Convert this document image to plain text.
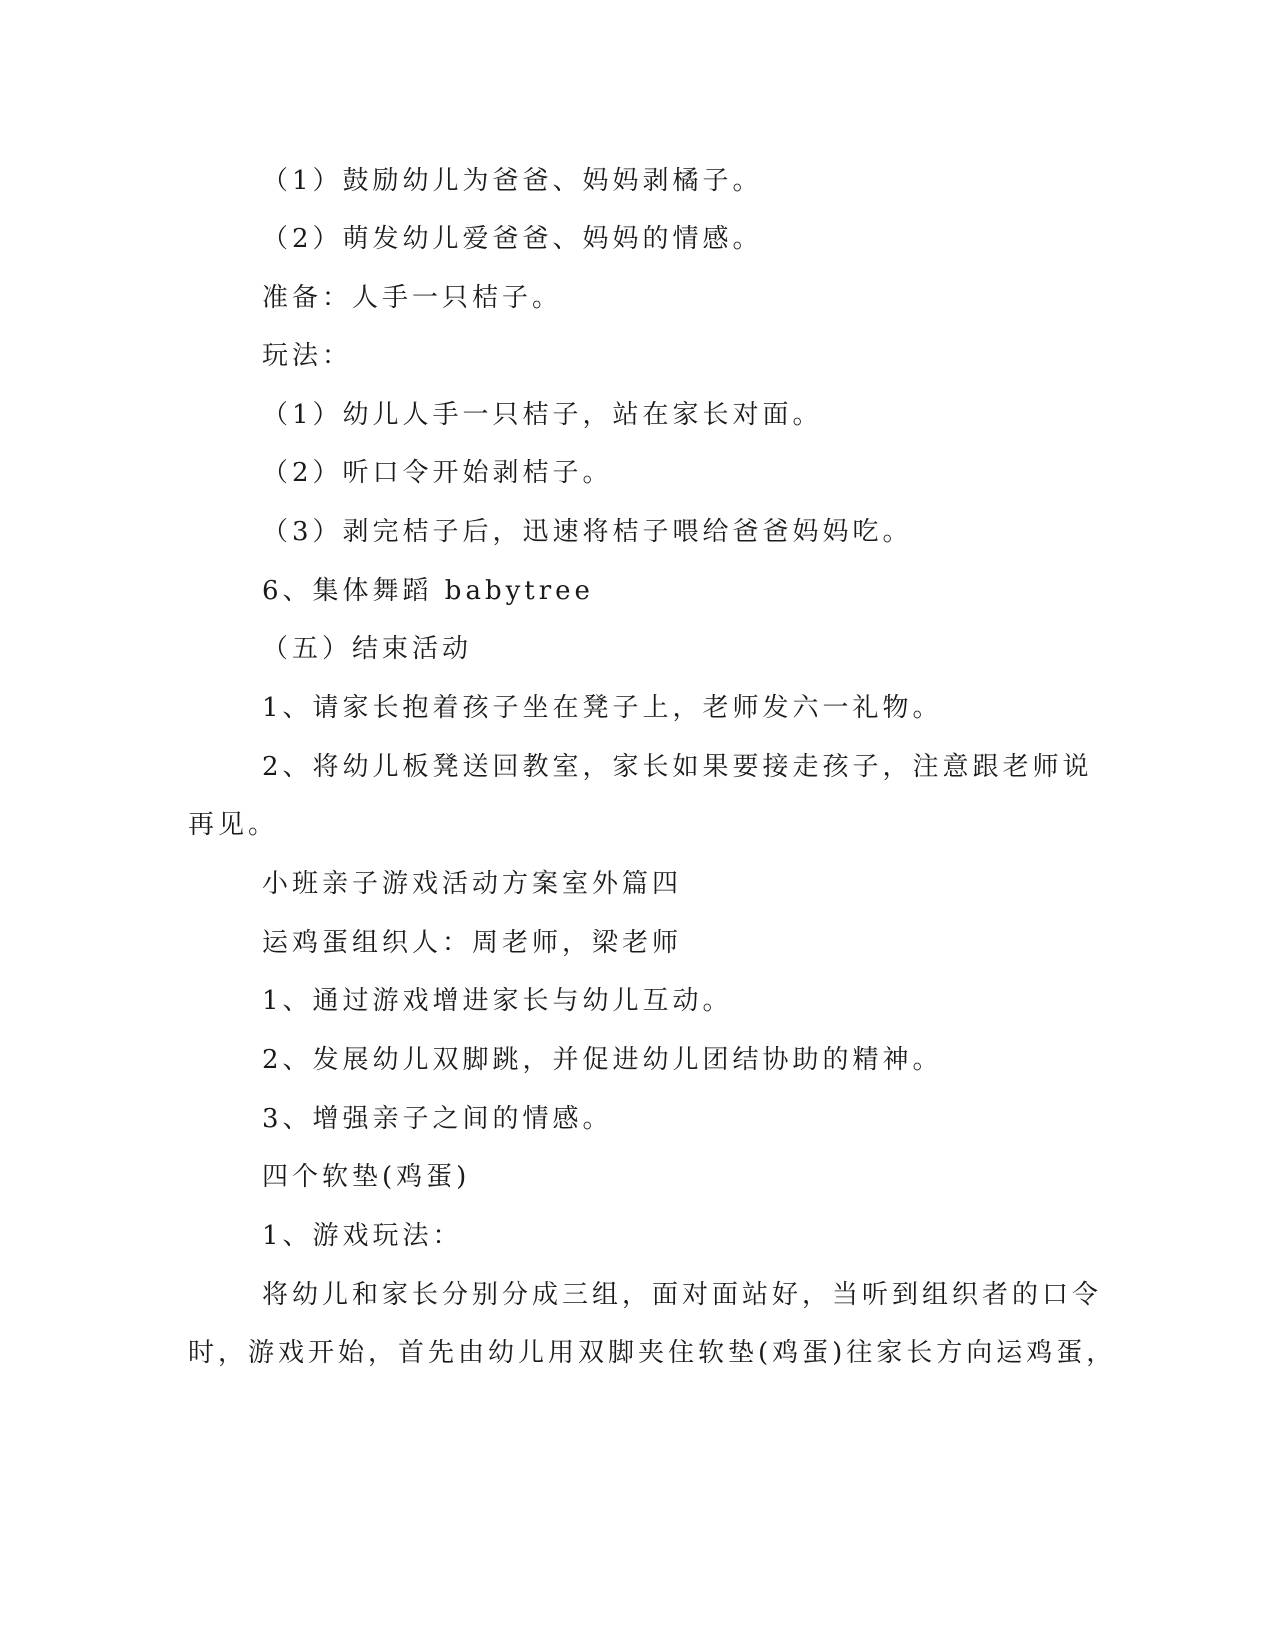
（1）鼓励幼儿为爸爸、妈妈剥橘子。
（2）萌发幼儿爱爸爸、妈妈的情感。
准备：人手一只桔子。
玩法：
（1）幼儿人手一只桔子，站在家长对面。
（2）听口令开始剥桔子。
（3）剥完桔子后，迅速将桔子喂给爸爸妈妈吃。
6、集体舞蹈 babytree
（五）结束活动
1、请家长抱着孩子坐在凳子上，老师发六一礼物。
2、将幼儿板凳送回教室，家长如果要接走孩子，注意跟老师说
再见。
小班亲子游戏活动方案室外篇四
运鸡蛋组织人：周老师，梁老师
1、通过游戏增进家长与幼儿互动。
2、发展幼儿双脚跳，并促进幼儿团结协助的精神。
3、增强亲子之间的情感。
四个软垫(鸡蛋)
1、游戏玩法：
将幼儿和家长分别分成三组，面对面站好，当听到组织者的口令
时，游戏开始，首先由幼儿用双脚夹住软垫(鸡蛋)往家长方向运鸡蛋，
